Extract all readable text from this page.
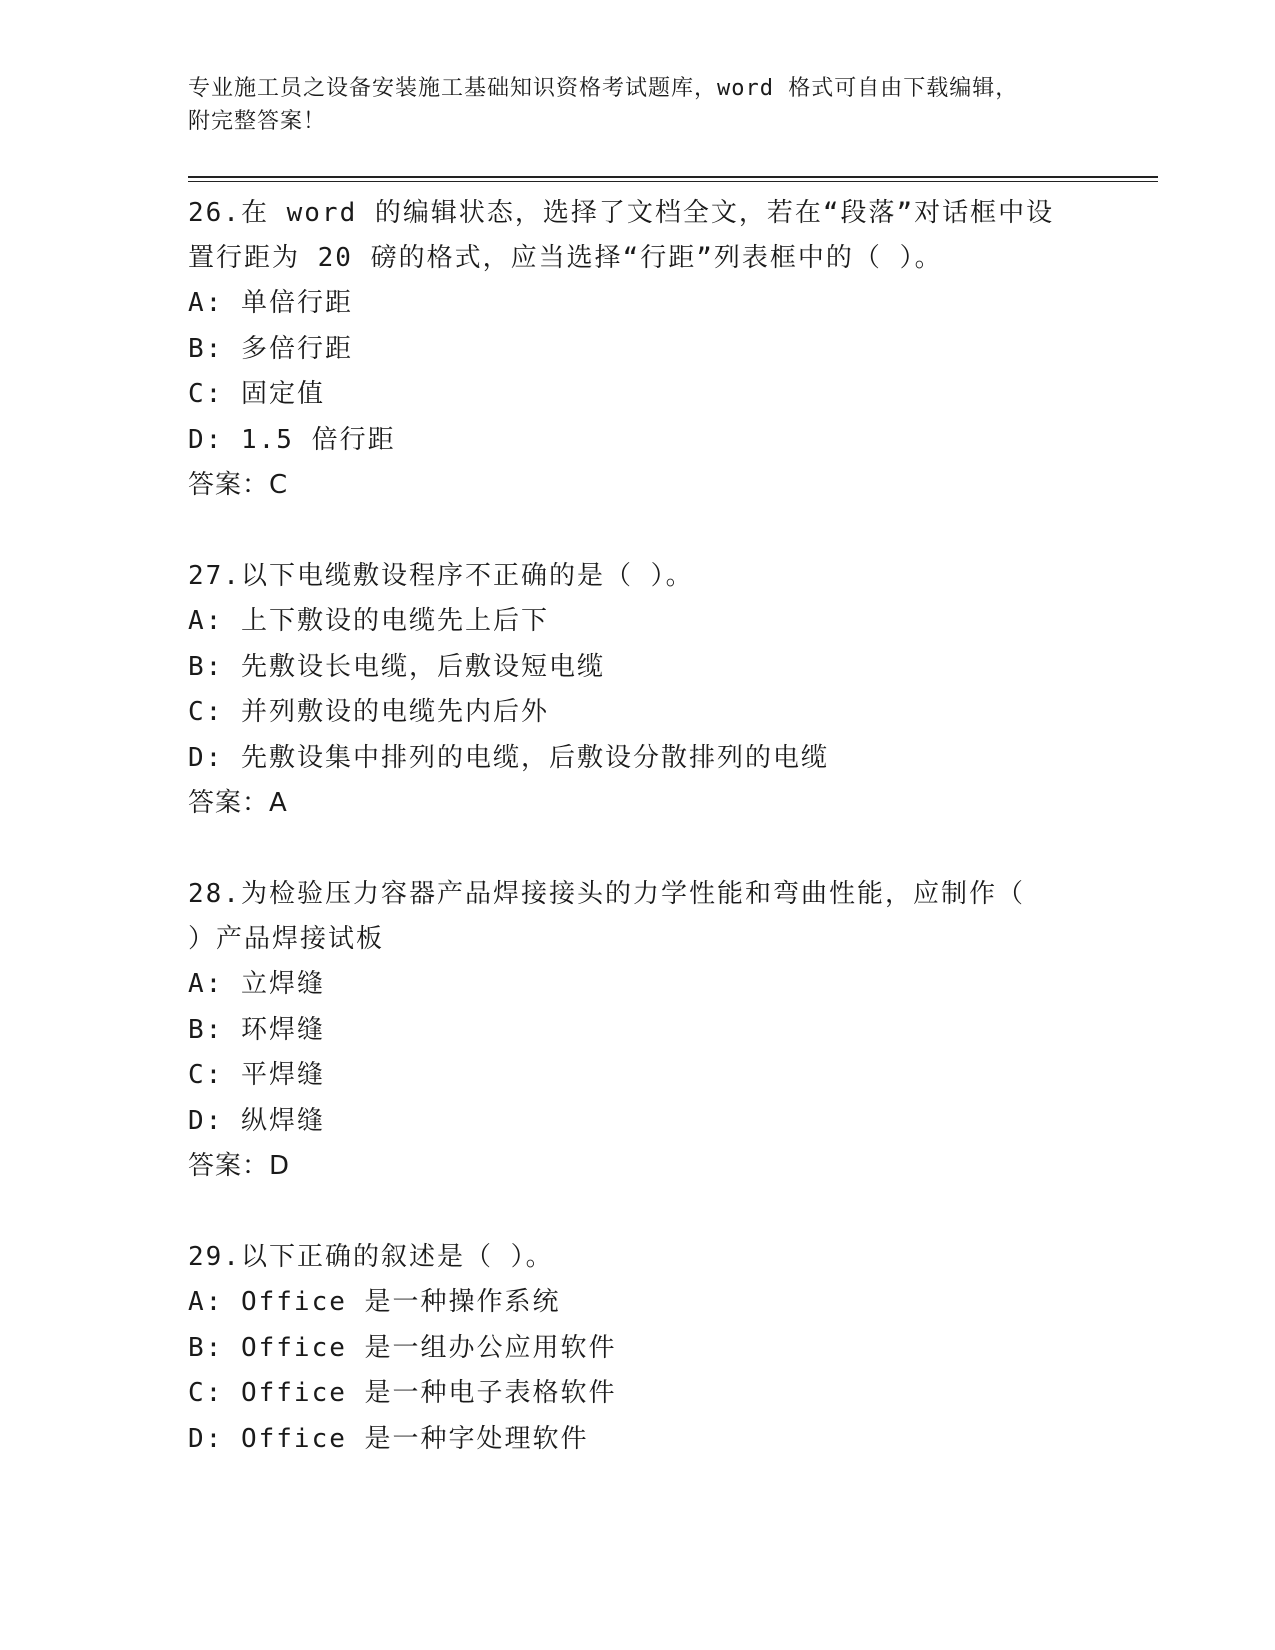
专业施工员之设备安装施工基础知识资格考试题库，word 格式可自由下载编辑，
附完整答案！

26.在 word 的编辑状态，选择了文档全文，若在“段落”对话框中设
置行距为 20 磅的格式，应当选择“行距”列表框中的（ ）。

A: 单倍行距

B: 多倍行距

C: 固定值

D: 1.5 倍行距

答案：C

27.以下电缆敷设程序不正确的是（ ）。

A: 上下敷设的电缆先上后下

B: 先敷设长电缆，后敷设短电缆

C: 并列敷设的电缆先内后外

D: 先敷设集中排列的电缆，后敷设分散排列的电缆

答案：A

28.为检验压力容器产品焊接接头的力学性能和弯曲性能，应制作（
）产品焊接试板

A: 立焊缝

B: 环焊缝

C: 平焊缝

D: 纵焊缝

答案：D

29.以下正确的叙述是（ ）。

A: Office 是一种操作系统

B: Office 是一组办公应用软件

C: Office 是一种电子表格软件

D: Office 是一种字处理软件
